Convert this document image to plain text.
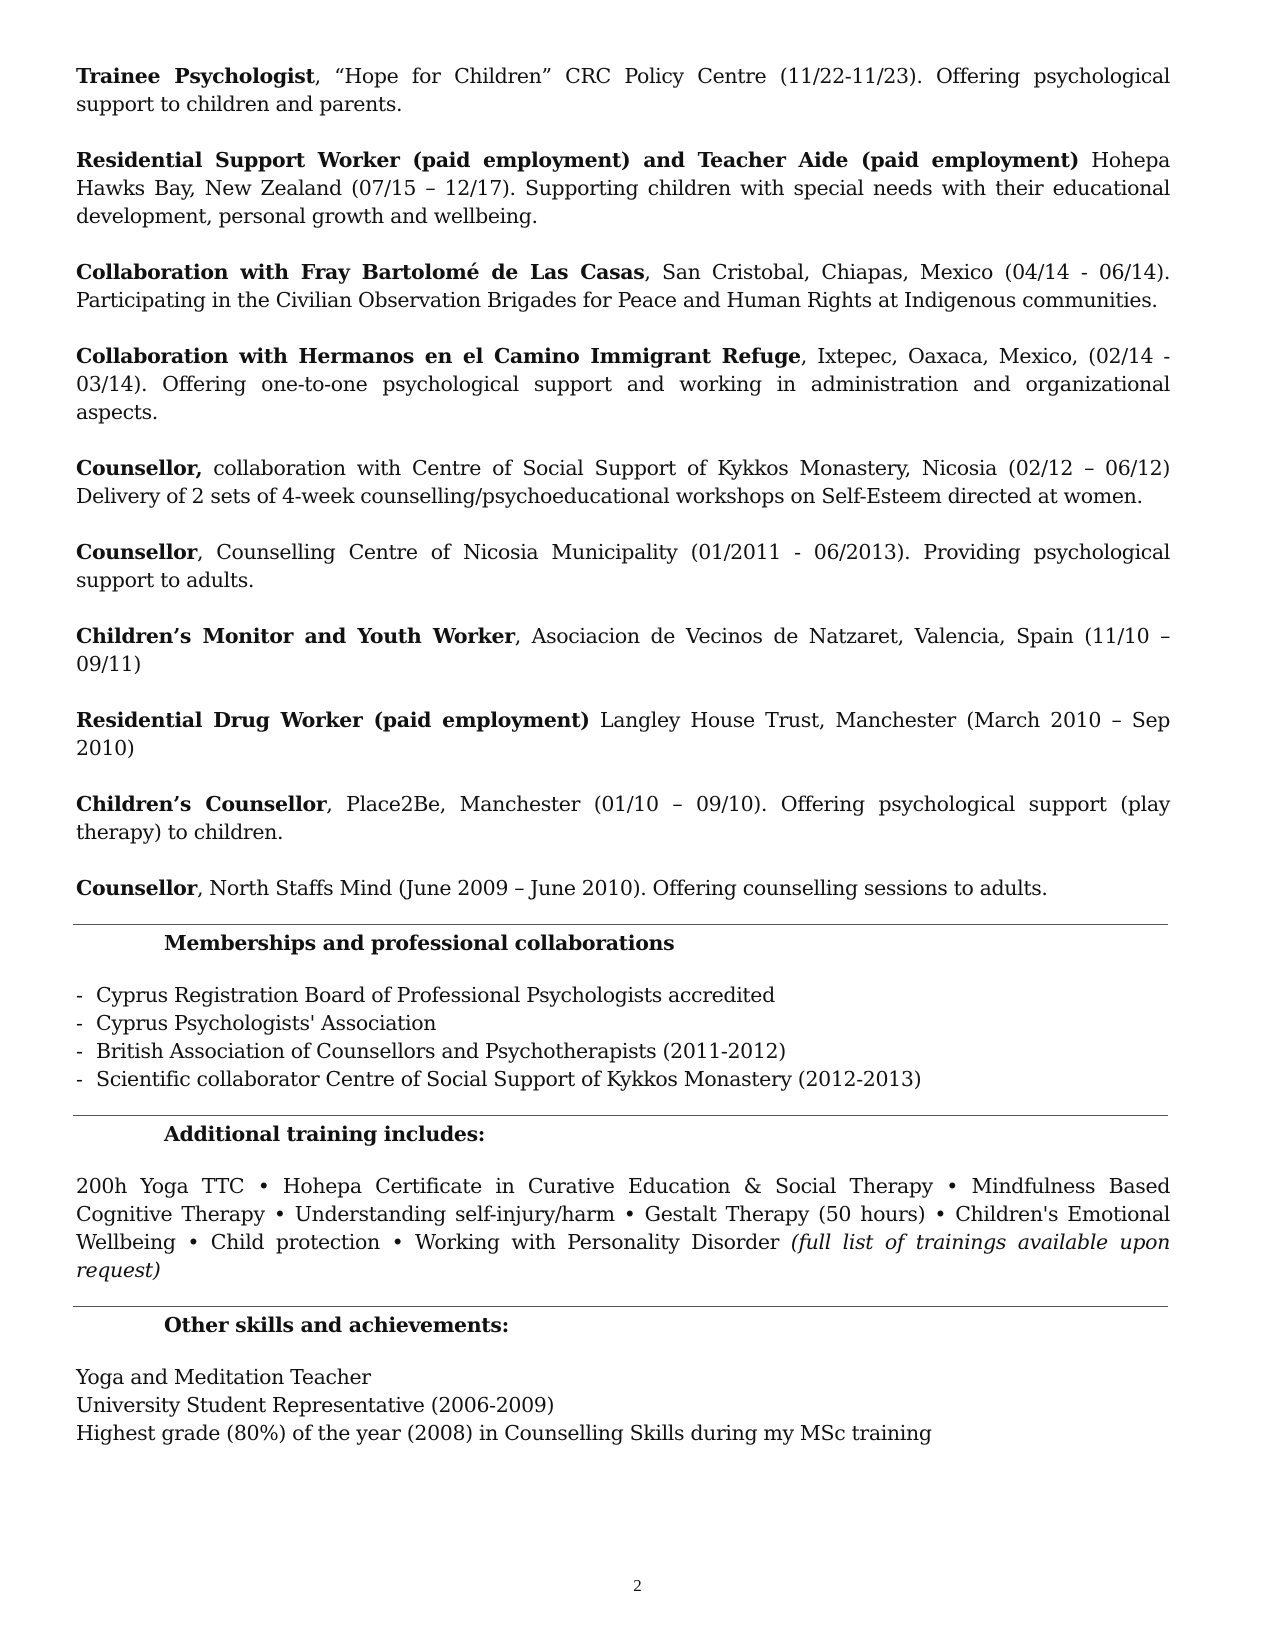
Trainee Psychologist, “Hope for Children” CRC Policy Centre (11/22-11/23). Offering psychological support to children and parents.

Residential Support Worker (paid employment) and Teacher Aide (paid employment) Hohepa Hawks Bay, New Zealand (07/15 – 12/17). Supporting children with special needs with their educational development, personal growth and wellbeing.

Collaboration with Fray Bartolomé de Las Casas, San Cristobal, Chiapas, Mexico (04/14 - 06/14). Participating in the Civilian Observation Brigades for Peace and Human Rights at Indigenous communities.

Collaboration with Hermanos en el Camino Immigrant Refuge, Ixtepec, Oaxaca, Mexico, (02/14 - 03/14). Offering one-to-one psychological support and working in administration and organizational aspects.

Counsellor, collaboration with Centre of Social Support of Kykkos Monastery, Nicosia (02/12 – 06/12) Delivery of 2 sets of 4-week counselling/psychoeducational workshops on Self-Esteem directed at women.

Counsellor, Counselling Centre of Nicosia Municipality (01/2011 - 06/2013). Providing psychological support to adults.

Children’s Monitor and Youth Worker, Asociacion de Vecinos de Natzaret, Valencia, Spain (11/10 – 09/11)

Residential Drug Worker (paid employment) Langley House Trust, Manchester (March 2010 – Sep 2010)

Children’s Counsellor, Place2Be, Manchester (01/10 – 09/10). Offering psychological support (play therapy) to children.

Counsellor, North Staffs Mind (June 2009 – June 2010). Offering counselling sessions to adults.

Memberships and professional collaborations
- Cyprus Registration Board of Professional Psychologists accredited
- Cyprus Psychologists' Association
- British Association of Counsellors and Psychotherapists (2011-2012)
- Scientific collaborator Centre of Social Support of Kykkos Monastery (2012-2013)
Additional training includes:

200h Yoga TTC • Hohepa Certificate in Curative Education & Social Therapy • Mindfulness Based Cognitive Therapy • Understanding self-injury/harm • Gestalt Therapy (50 hours) • Children's Emotional Wellbeing • Child protection • Working with Personality Disorder (full list of trainings available upon request)

Other skills and achievements:
Yoga and Meditation Teacher
University Student Representative (2006-2009)
Highest grade (80%) of the year (2008) in Counselling Skills during my MSc training
2
